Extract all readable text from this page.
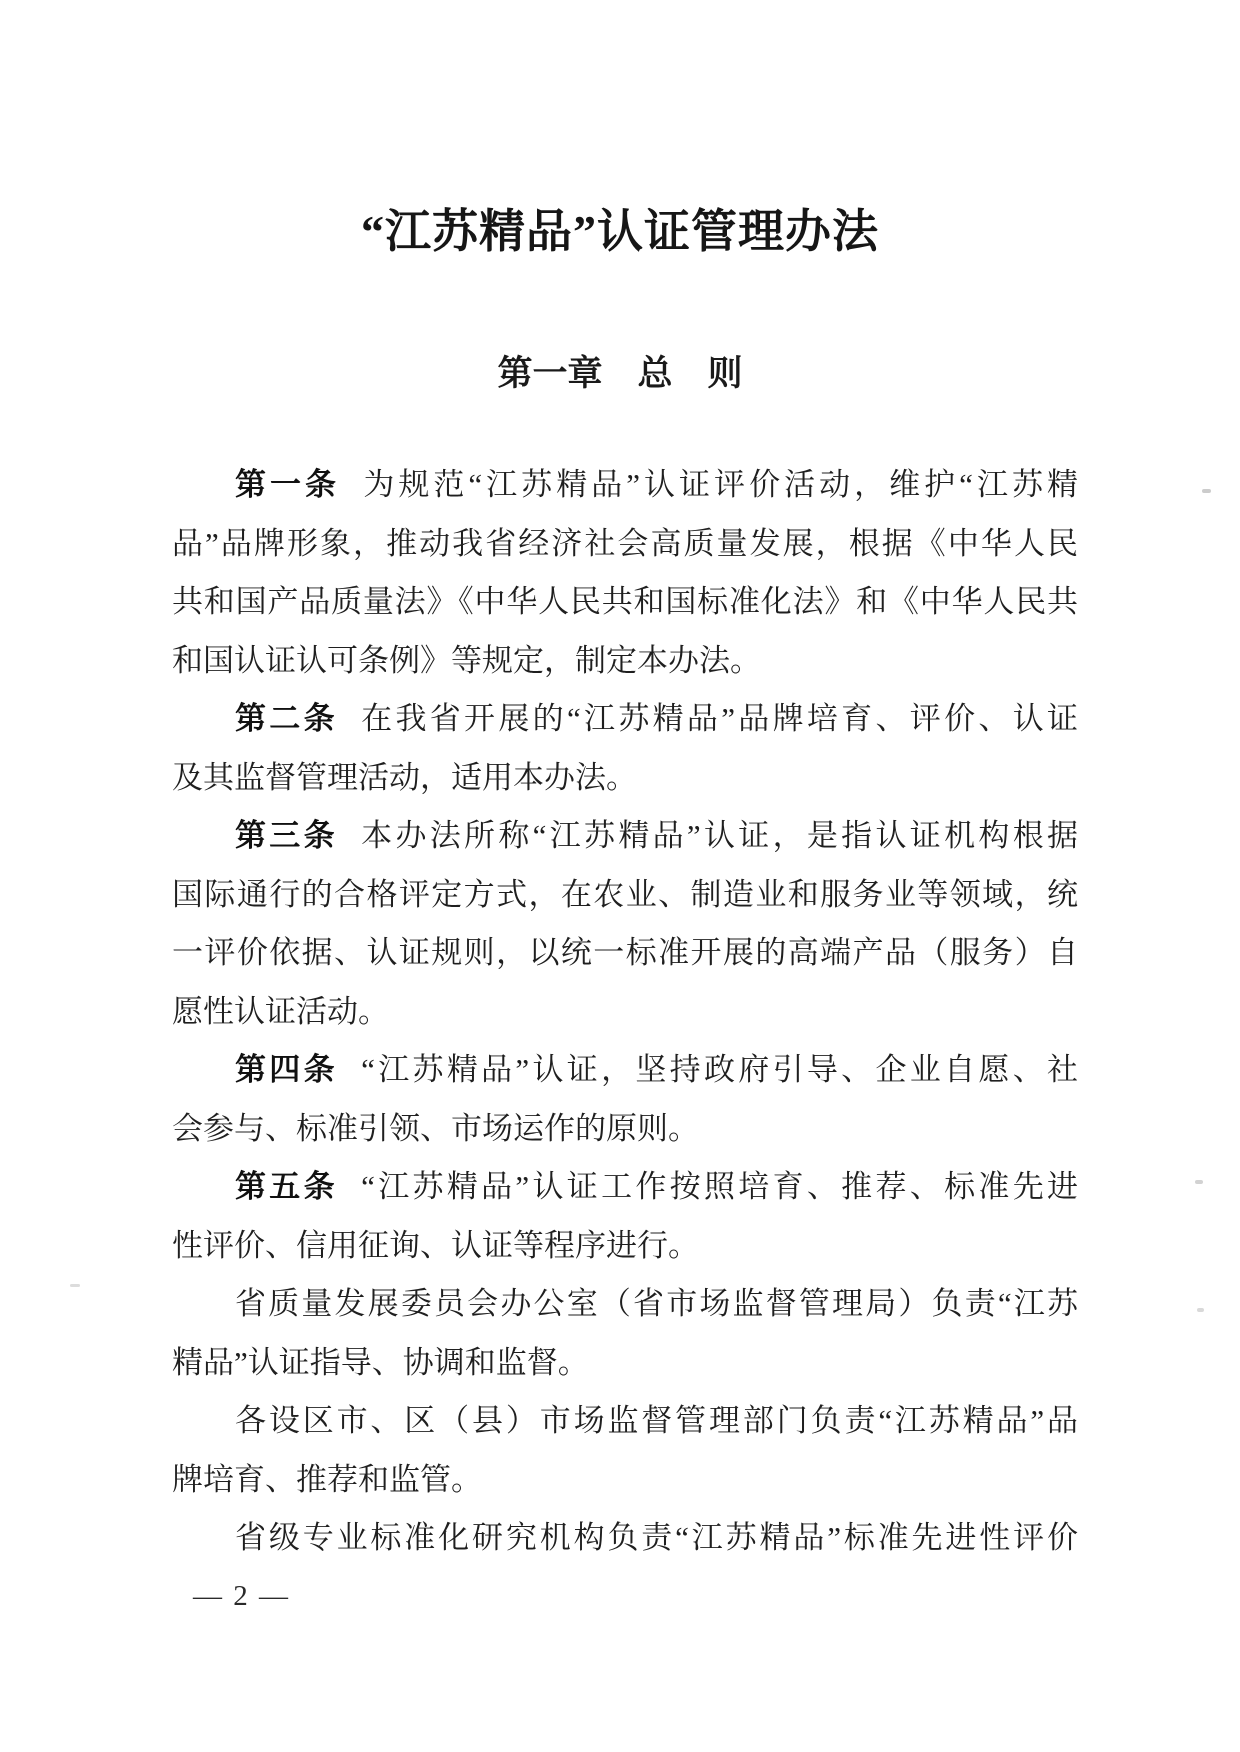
“江苏精品”认证管理办法
第一章　总　则
第一条 为规范“江苏精品”认证评价活动，维护“江苏精
品”品牌形象，推动我省经济社会高质量发展，根据《中华人民
共和国产品质量法》《中华人民共和国标准化法》和《中华人民共
和国认证认可条例》等规定，制定本办法。
第二条 在我省开展的“江苏精品”品牌培育、评价、认证
及其监督管理活动，适用本办法。
第三条 本办法所称“江苏精品”认证，是指认证机构根据
国际通行的合格评定方式，在农业、制造业和服务业等领域，统
一评价依据、认证规则，以统一标准开展的高端产品（服务）自
愿性认证活动。
第四条 “江苏精品”认证，坚持政府引导、企业自愿、社
会参与、标准引领、市场运作的原则。
第五条 “江苏精品”认证工作按照培育、推荐、标准先进
性评价、信用征询、认证等程序进行。
省质量发展委员会办公室（省市场监督管理局）负责“江苏
精品”认证指导、协调和监督。
各设区市、区（县）市场监督管理部门负责“江苏精品”品
牌培育、推荐和监管。
省级专业标准化研究机构负责“江苏精品”标准先进性评价
— 2 —
